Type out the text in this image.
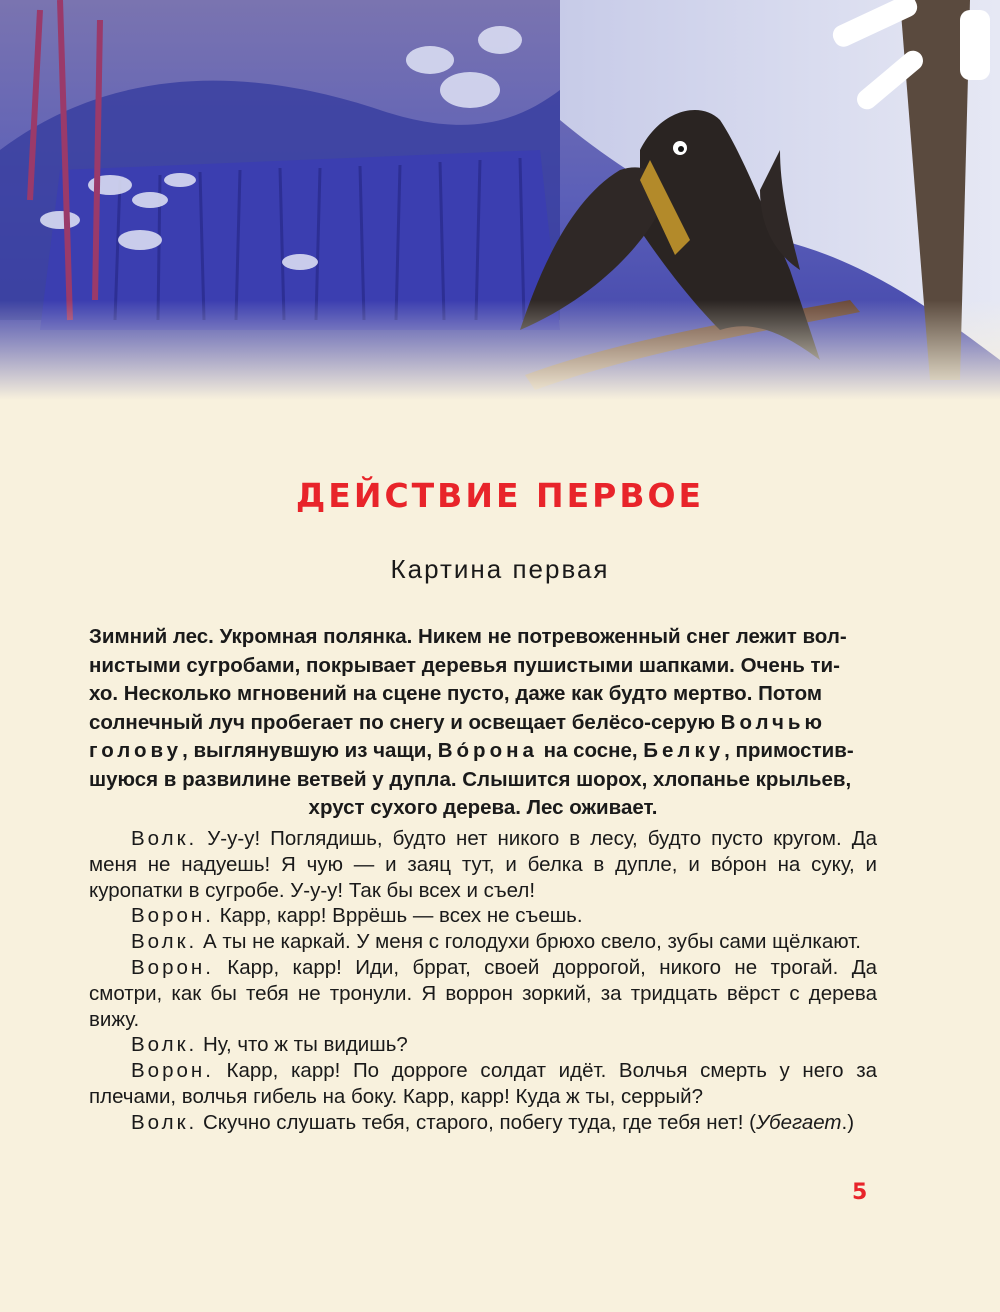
ДЕЙСТВИЕ ПЕРВОЕ
Картина первая
Зимний лес. Укромная полянка. Никем не потревоженный снег лежит вол-
нистыми сугробами, покрывает деревья пушистыми шапками. Очень ти-
хо. Несколько мгновений на сцене пусто, даже как будто мертво. Потом
солнечный луч пробегает по снегу и освещает белёсо-серую Волчью
голову, выглянувшую из чащи, Во́рона на сосне, Белку, примостив-
шуюся в развилине ветвей у дупла. Слышится шорох, хлопанье крыльев,
хруст сухого дерева. Лес оживает.

Волк. У-у-у! Поглядишь, будто нет никого в лесу, будто пусто кругом. Да меня не надуешь! Я чую — и заяц тут, и белка в дупле, и во́рон на суку, и куропатки в сугробе. У-у-у! Так бы всех и съел!

Ворон. Карр, карр! Вррёшь — всех не съешь.

Волк. А ты не каркай. У меня с голодухи брюхо свело, зубы сами щёлкают.

Ворон. Карр, карр! Иди, бррат, своей доррогой, никого не трогай. Да смотри, как бы тебя не тронули. Я воррон зоркий, за тридцать вёрст с дерева вижу.

Волк. Ну, что ж ты видишь?

Ворон. Карр, карр! По дорроге солдат идёт. Волчья смерть у него за плечами, волчья гибель на боку. Карр, карр! Куда ж ты, серрый?

Волк. Скучно слушать тебя, старого, побегу туда, где тебя нет! (Убегает.)

5
